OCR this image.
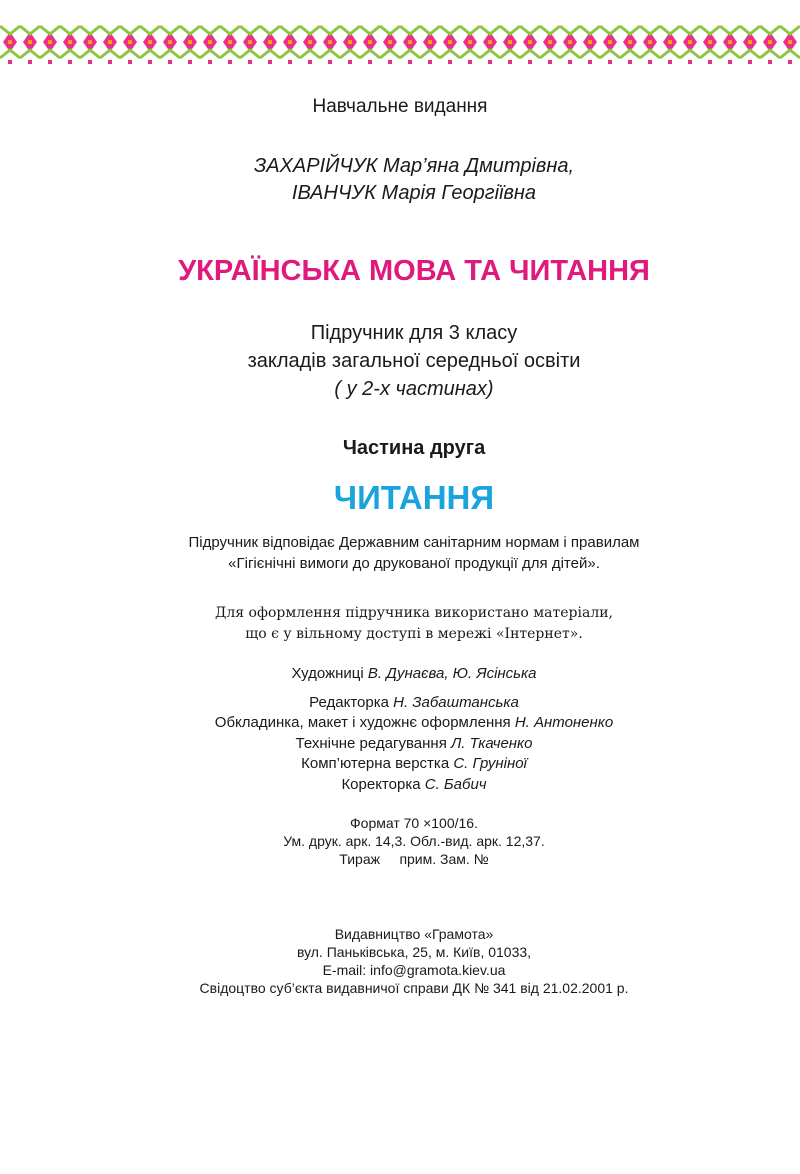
Навчальне видання
ЗАХАРІЙЧУК Мар’яна Дмитрівна,
ІВАНЧУК Марія Георгіївна
УКРАЇНСЬКА МОВА ТА ЧИТАННЯ
Підручник для 3 класу
закладів загальної середньої освіти
( у 2-х частинах)
Частина друга
ЧИТАННЯ
Підручник відповідає Державним санітарним нормам і правилам
«Гігієнічні вимоги до друкованої продукції для дітей».
Для оформлення підручника використано матеріали,
що є у вільному доступі в мережі «Інтернет».
Художниці В. Дунаєва, Ю. Ясінська
Редакторка Н. Забаштанська
Обкладинка, макет і художнє оформлення Н. Антоненко
Технічне редагування Л. Ткаченко
Комп’ютерна верстка С. Груніної
Коректорка С. Бабич
Формат 70 ×100/16.
Ум. друк. арк. 14,3. Обл.-вид. арк. 12,37.
Тираж     прим. Зам. №
Видавництво «Грамота»
вул. Паньківська, 25, м. Київ, 01033,
E-mail: info@gramota.kiev.ua
Свідоцтво суб’єкта видавничої справи ДК № 341 від 21.02.2001 р.
